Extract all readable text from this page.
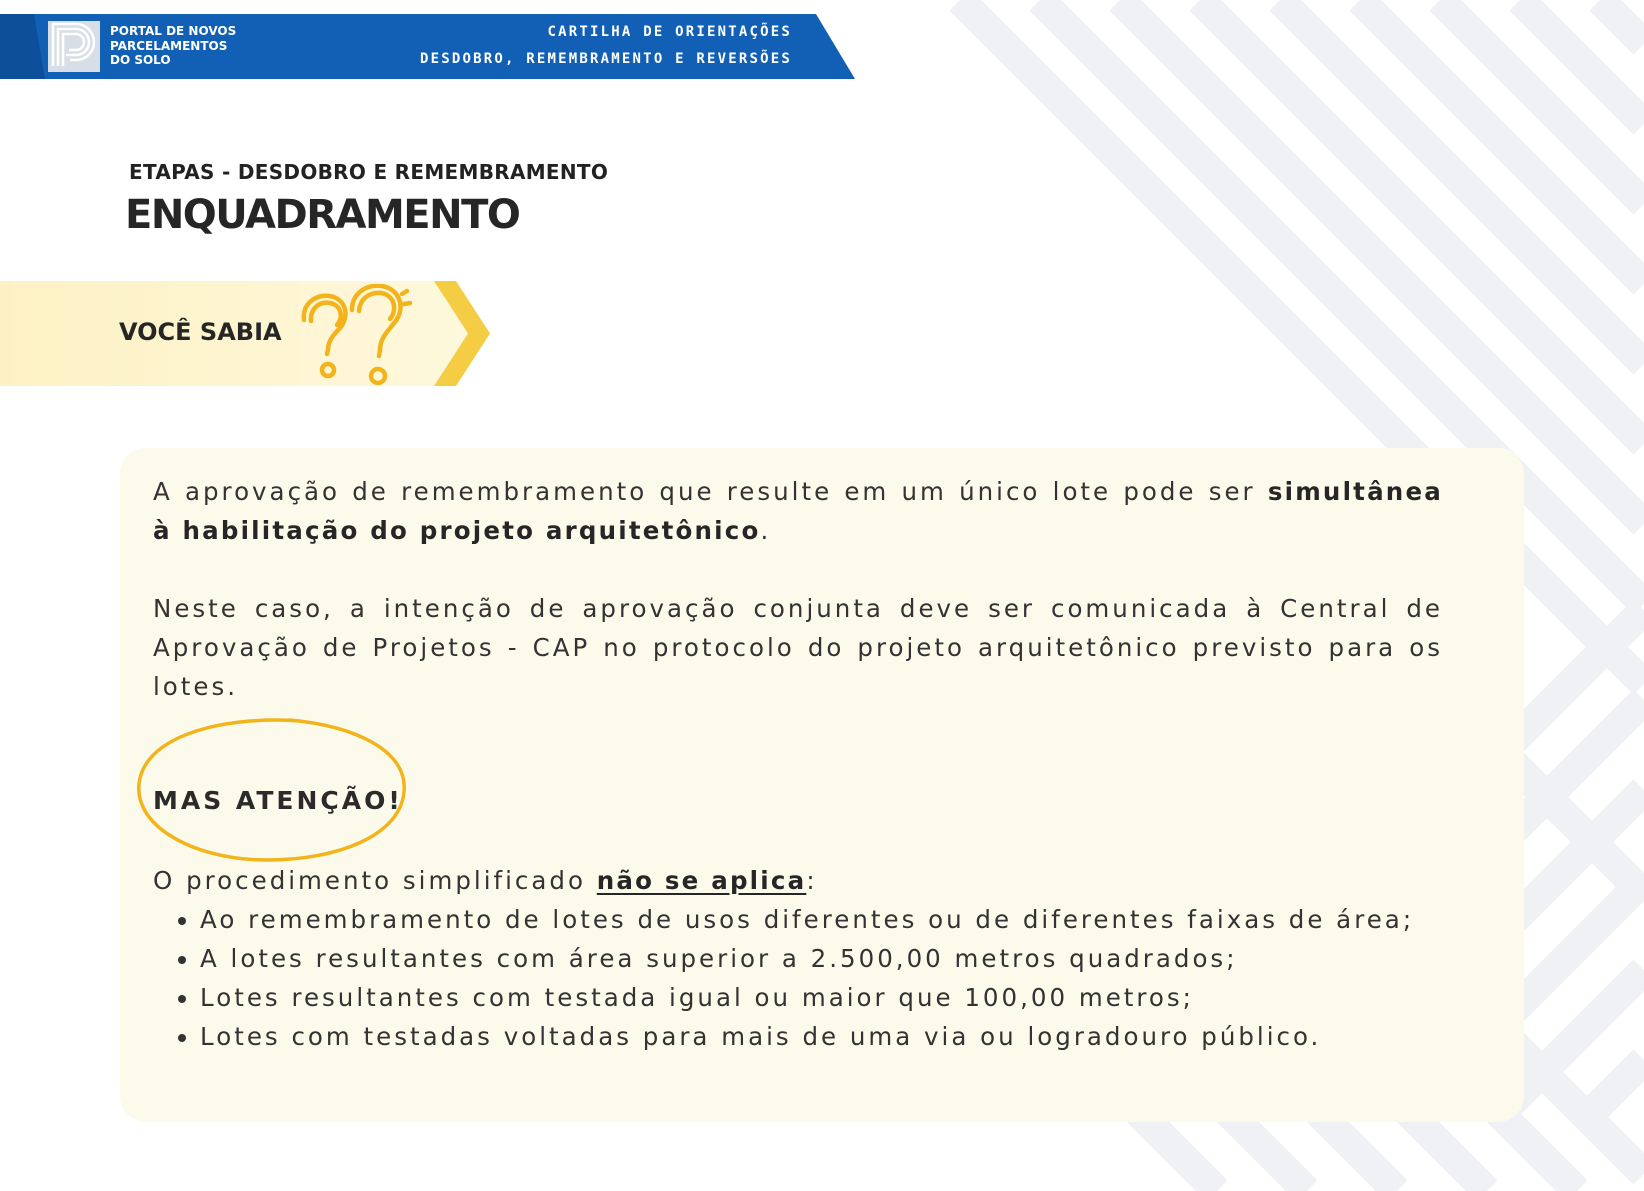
PORTAL DE NOVOS
PARCELAMENTOS
DO SOLO
CARTILHA DE ORIENTAÇÕES
DESDOBRO, REMEMBRAMENTO E REVERSÕES
ETAPAS - DESDOBRO E REMEMBRAMENTO
ENQUADRAMENTO
VOCÊ SABIA
A aprovação de remembramento que resulte em um único lote pode ser simultânea à habilitação do projeto arquitetônico.
Neste caso, a intenção de aprovação conjunta deve ser comunicada à Central de Aprovação de Projetos - CAP no protocolo do projeto arquitetônico previsto para os lotes.
MAS ATENÇÃO!
O procedimento simplificado não se aplica:
• Ao remembramento de lotes de usos diferentes ou de diferentes faixas de área;
• A lotes resultantes com área superior a 2.500,00 metros quadrados;
• Lotes resultantes com testada igual ou maior que 100,00 metros;
• Lotes com testadas voltadas para mais de uma via ou logradouro público.
